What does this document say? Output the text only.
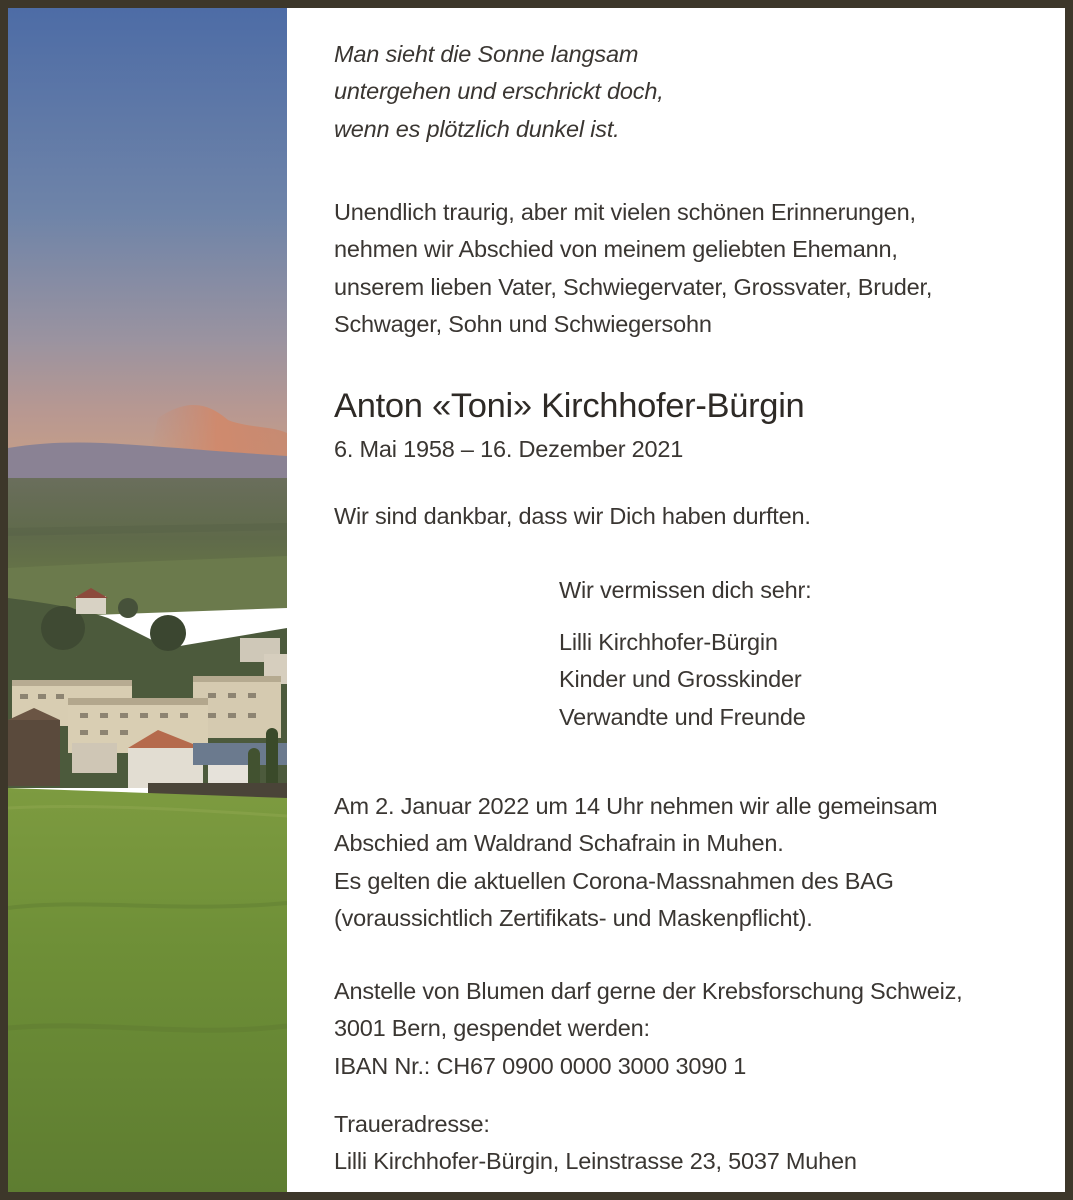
Man sieht die Sonne langsam

untergehen und erschrickt doch,

wenn es plötzlich dunkel ist.

Unendlich traurig, aber mit vielen schönen Erinnerungen,

nehmen wir Abschied von meinem geliebten Ehemann,

unserem lieben Vater, Schwiegervater, Grossvater, Bruder,

Schwager, Sohn und Schwiegersohn

Anton «Toni» Kirchhofer-Bürgin

6. Mai 1958 – 16. Dezember 2021

Wir sind dankbar, dass wir Dich haben durften.

Wir vermissen dich sehr:

Lilli Kirchhofer-Bürgin

Kinder und Grosskinder

Verwandte und Freunde

Am 2. Januar 2022 um 14 Uhr nehmen wir alle gemeinsam

Abschied am Waldrand Schafrain in Muhen.

Es gelten die aktuellen Corona-Massnahmen des BAG

(voraussichtlich Zertifikats- und Maskenpflicht).

Anstelle von Blumen darf gerne der Krebsforschung Schweiz,

3001 Bern, gespendet werden:

IBAN Nr.: CH67 0900 0000 3000 3090 1

Traueradresse:

Lilli Kirchhofer-Bürgin, Leinstrasse 23, 5037 Muhen
